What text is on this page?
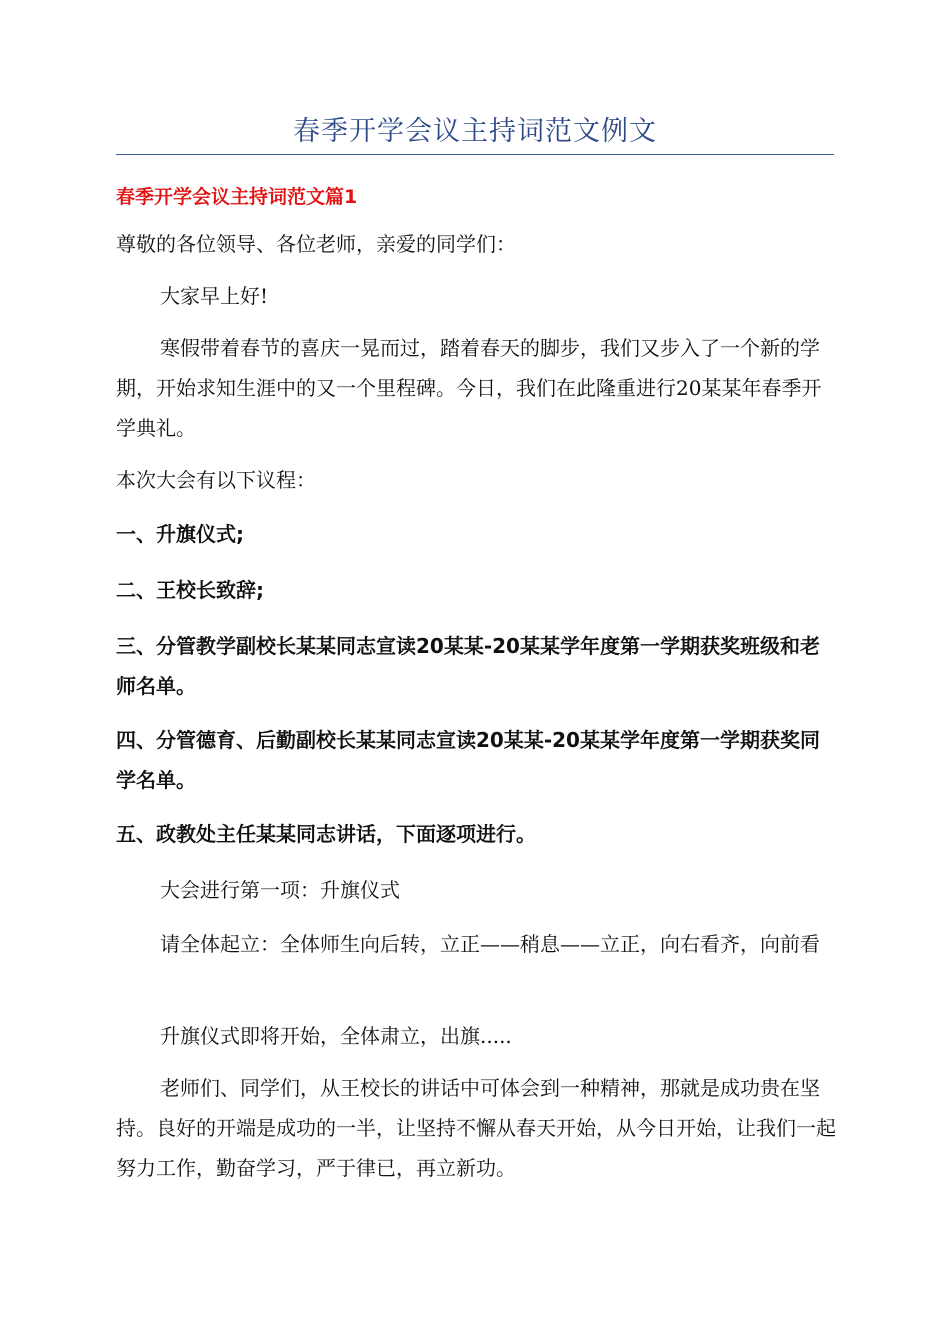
春季开学会议主持词范文例文
春季开学会议主持词范文篇1

尊敬的各位领导、各位老师，亲爱的同学们：

大家早上好!

寒假带着春节的喜庆一晃而过，踏着春天的脚步，我们又步入了一个新的学期，开始求知生涯中的又一个里程碑。今日，我们在此隆重进行20某某年春季开学典礼。

本次大会有以下议程：

一、升旗仪式;

二、王校长致辞;

三、分管教学副校长某某同志宣读20某某-20某某学年度第一学期获奖班级和老师名单。

四、分管德育、后勤副校长某某同志宣读20某某-20某某学年度第一学期获奖同学名单。

五、政教处主任某某同志讲话，下面逐项进行。

大会进行第一项：升旗仪式

请全体起立：全体师生向后转，立正——稍息——立正，向右看齐，向前看

升旗仪式即将开始，全体肃立，出旗.....

老师们、同学们，从王校长的讲话中可体会到一种精神，那就是成功贵在坚持。良好的开端是成功的一半，让坚持不懈从春天开始，从今日开始，让我们一起努力工作，勤奋学习，严于律已，再立新功。
